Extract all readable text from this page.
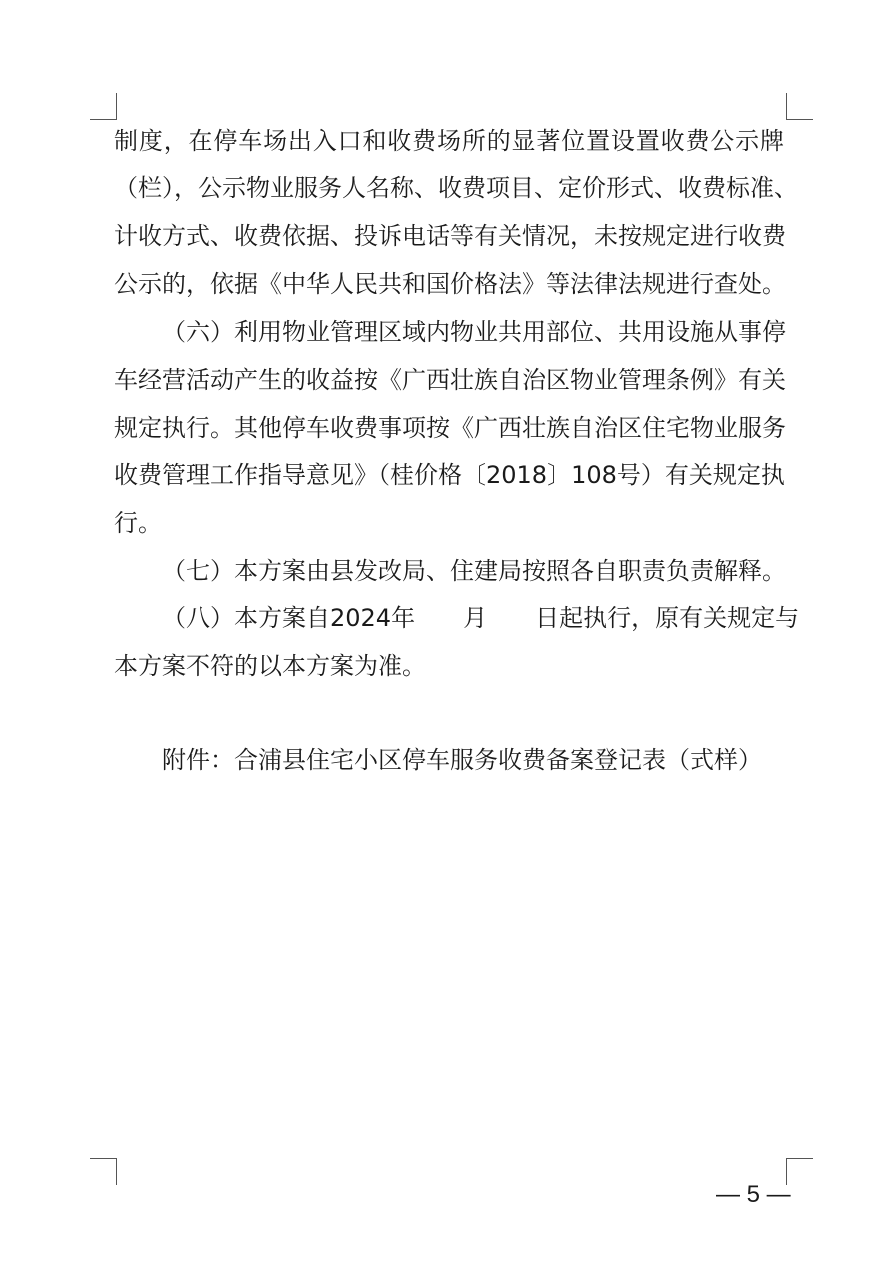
制度，在停车场出入口和收费场所的显著位置设置收费公示牌
（栏），公示物业服务人名称、收费项目、定价形式、收费标准、
计收方式、收费依据、投诉电话等有关情况，未按规定进行收费
公示的，依据《中华人民共和国价格法》等法律法规进行查处。
（六）利用物业管理区域内物业共用部位、共用设施从事停
车经营活动产生的收益按《广西壮族自治区物业管理条例》有关
规定执行。其他停车收费事项按《广西壮族自治区住宅物业服务
收费管理工作指导意见》（桂价格〔2018〕108号）有关规定执
行。
（七）本方案由县发改局、住建局按照各自职责负责解释。
（八）本方案自2024年　　月　　日起执行，原有关规定与
本方案不符的以本方案为准。
附件：合浦县住宅小区停车服务收费备案登记表（式样）
— 5 —
